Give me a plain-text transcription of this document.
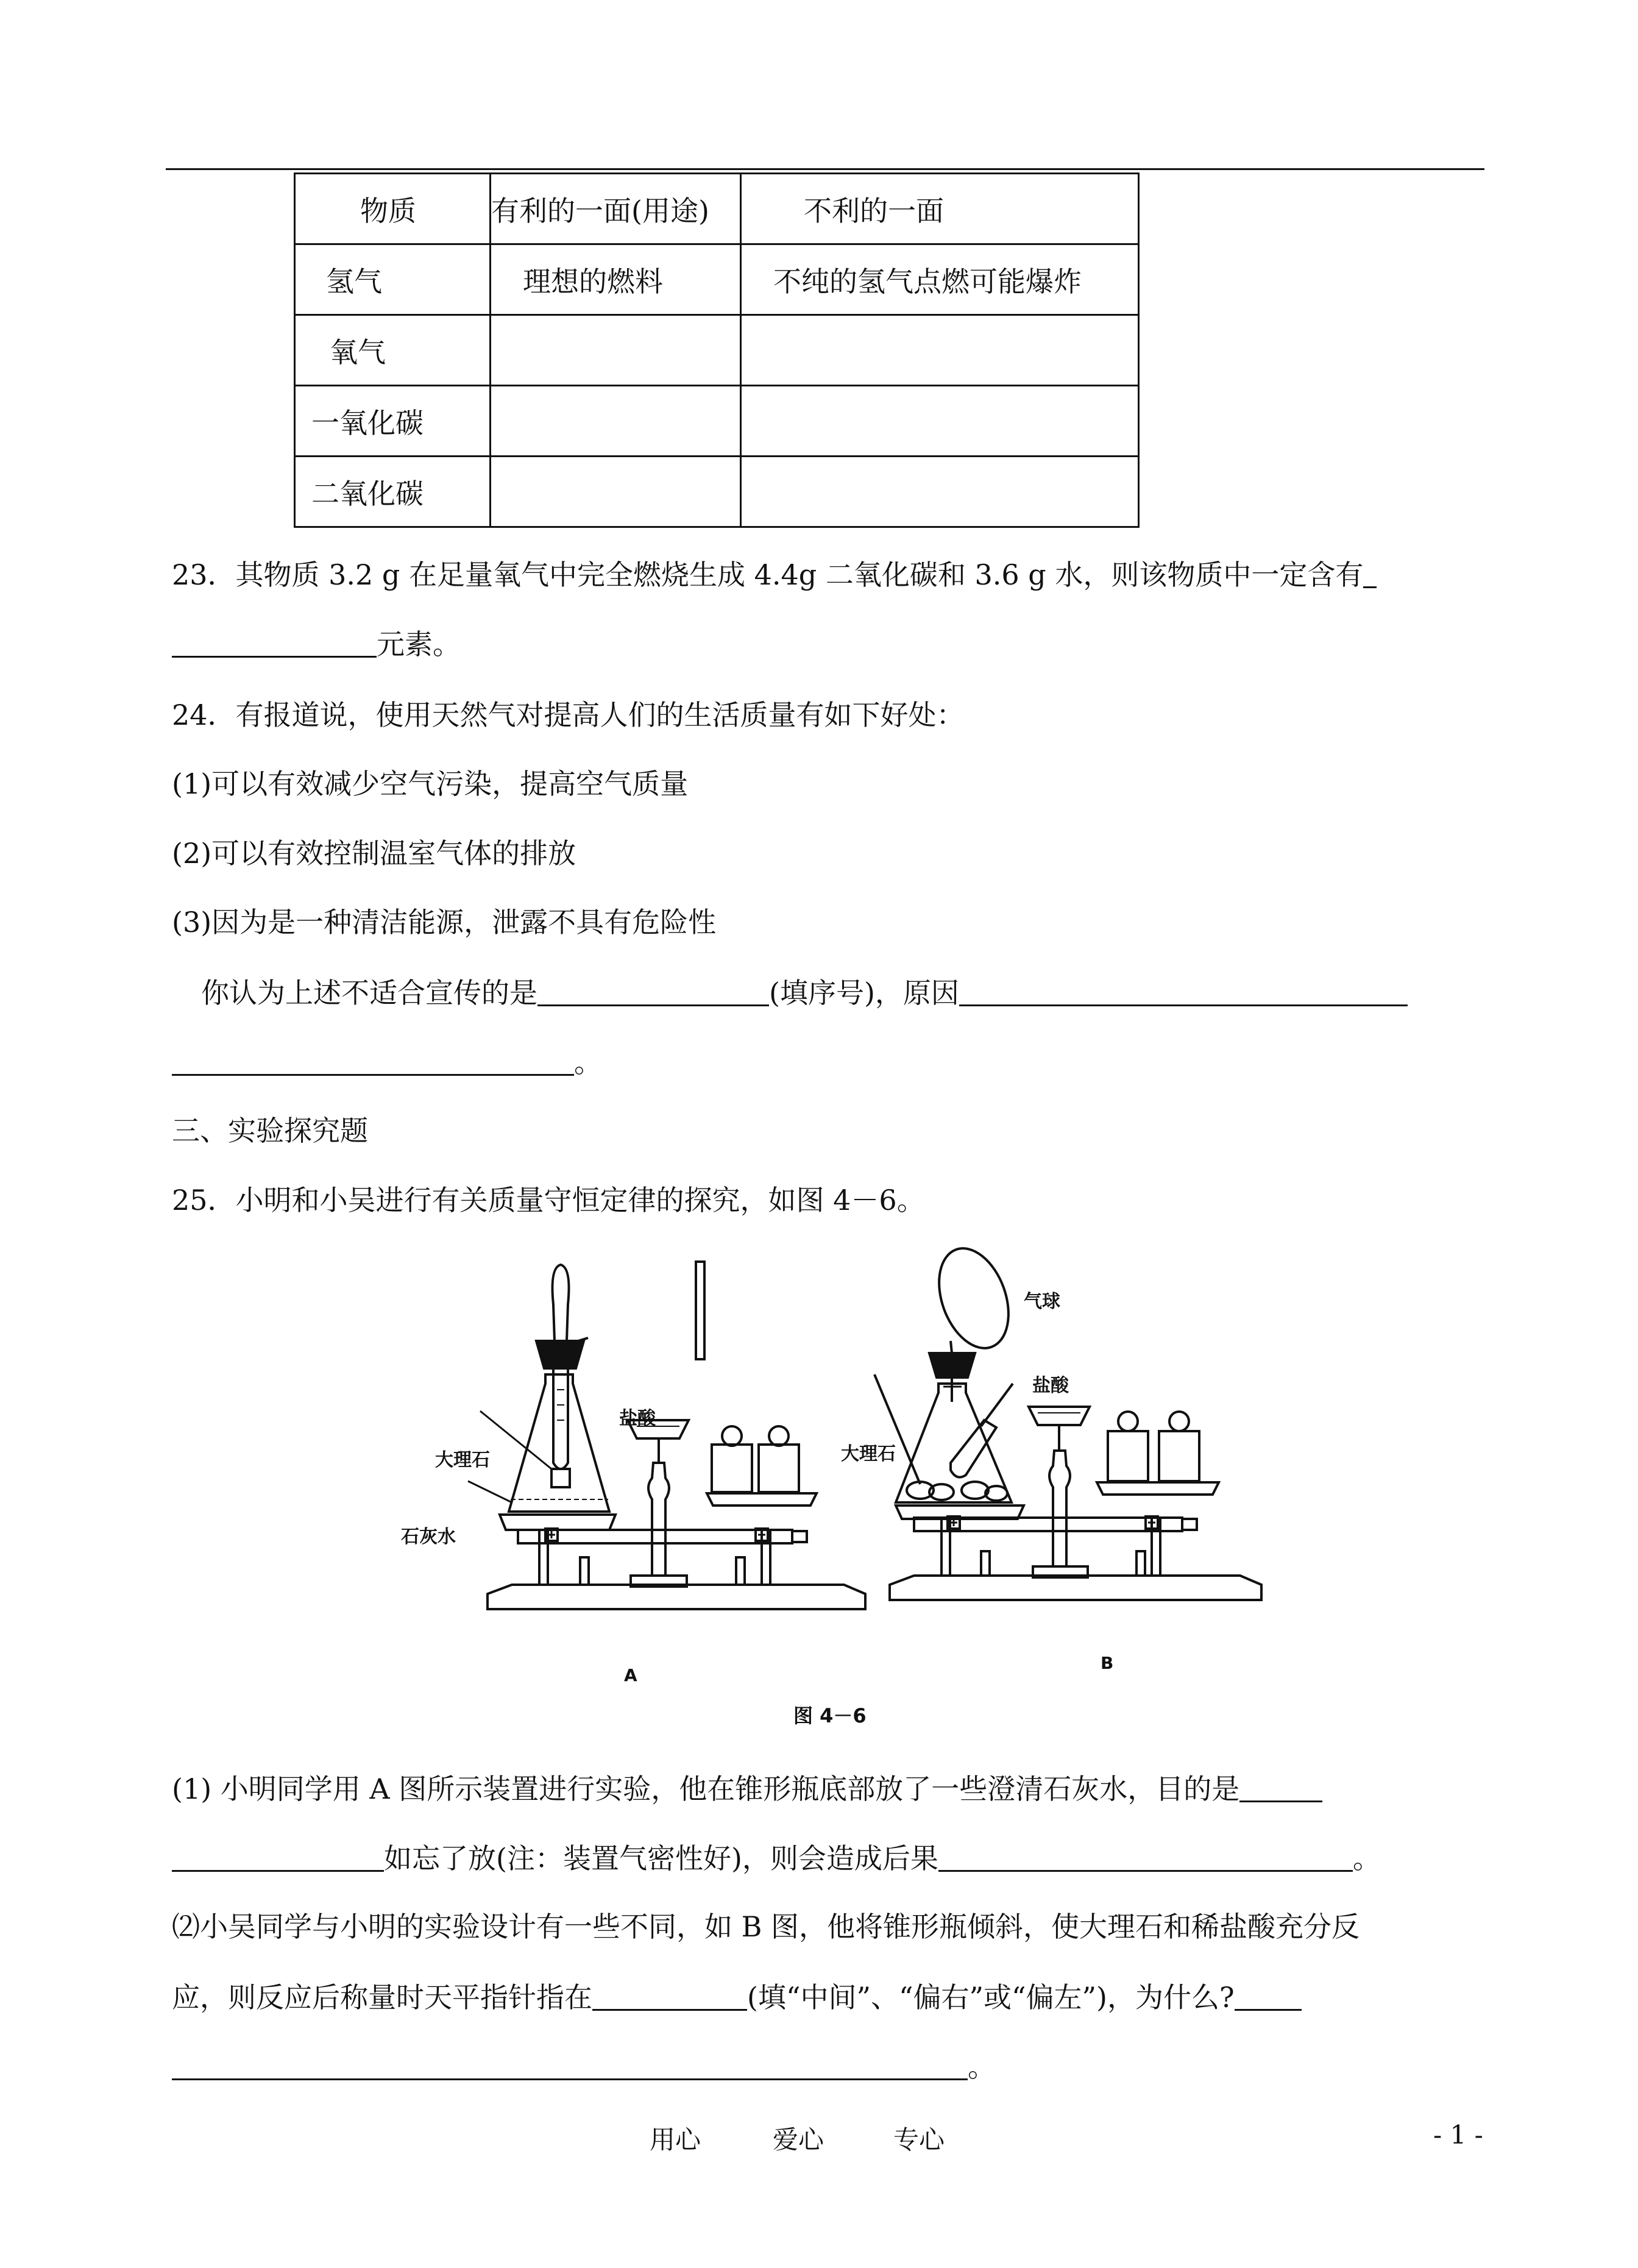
物质	有利的一面(用途)	不利的一面
氢气	理想的燃料	不纯的氢气点燃可能爆炸
氧气		
一氧化碳		
二氧化碳		
23．其物质 3.2 g 在足量氧气中完全燃烧生成 4.4g 二氧化碳和 3.6 g 水，则该物质中一定含有
元素。
24．有报道说，使用天然气对提高人们的生活质量有如下好处：
(1)可以有效减少空气污染，提高空气质量
(2)可以有效控制温室气体的排放
(3)因为是一种清洁能源，泄露不具有危险性
你认为上述不适合宣传的是	(填序号)，原因
。
三、实验探究题
25．小明和小吴进行有关质量守恒定律的探究，如图 4－6。
盐酸
大理石
石灰水
气球
盐酸
大理石
A
B
图 4－6
(1) 小明同学用 A 图所示装置进行实验，他在锥形瓶底部放了一些澄清石灰水，目的是
如忘了放(注：装置气密性好)，则会造成后果	。
⑵小吴同学与小明的实验设计有一些不同，如 B 图，他将锥形瓶倾斜，使大理石和稀盐酸充分反
应，则反应后称量时天平指针指在	(填“中间”、“偏右”或“偏左”)，为什么?
。
用心	爱心	专心	- 1 -
